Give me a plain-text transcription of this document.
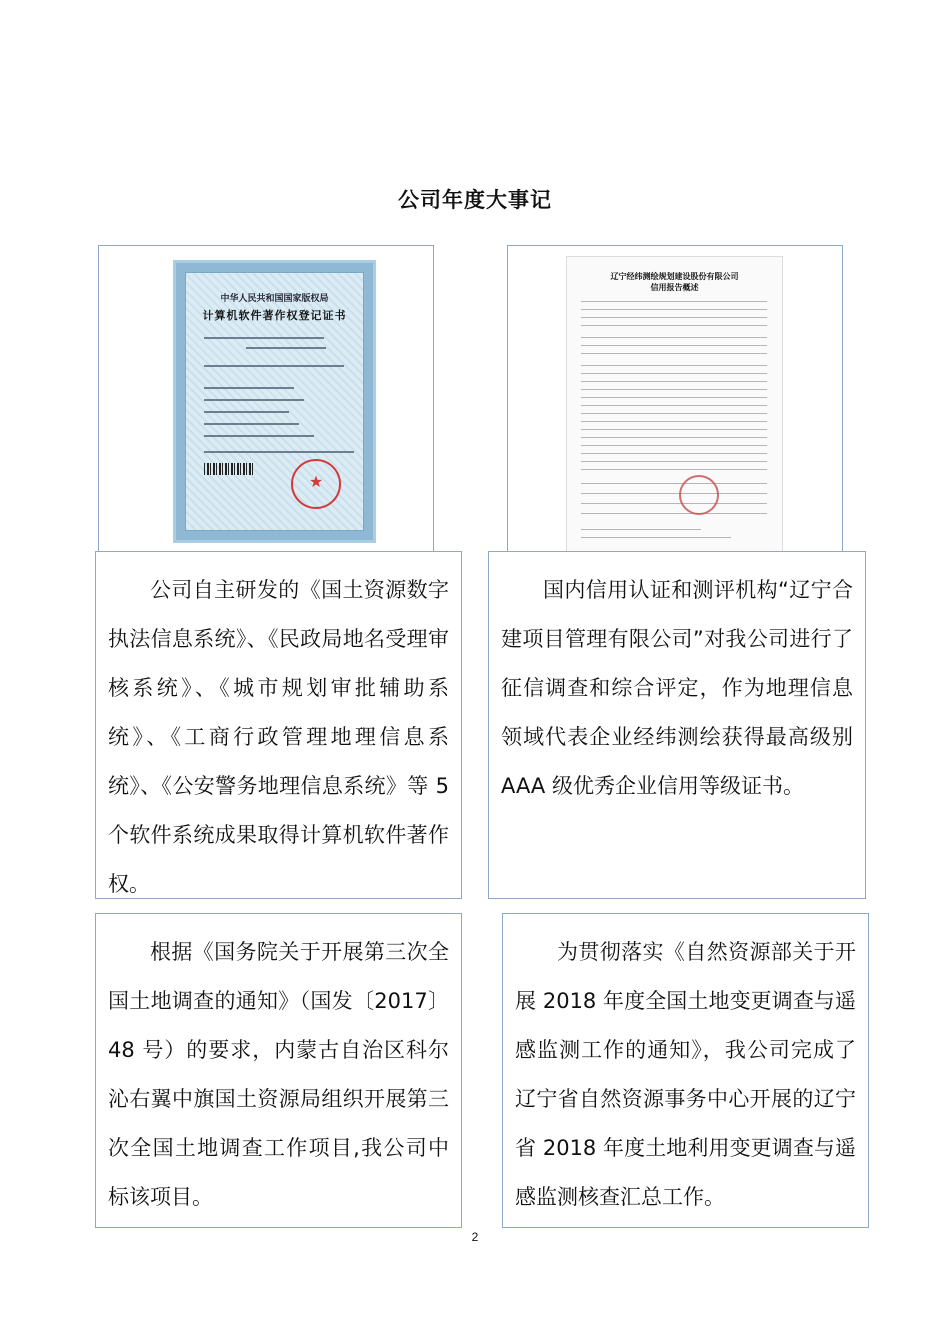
公司年度大事记
中华人民共和国国家版权局
计算机软件著作权登记证书
★
辽宁经纬测绘规划建设股份有限公司
信用报告概述
公司自主研发的《国土资源数字执法信息系统》、《民政局地名受理审核系统》、《城市规划审批辅助系统》、《工商行政管理地理信息系统》、《公安警务地理信息系统》等 5 个软件系统成果取得计算机软件著作权。
国内信用认证和测评机构“辽宁合建项目管理有限公司”对我公司进行了征信调查和综合评定，作为地理信息领域代表企业经纬测绘获得最高级别 AAA 级优秀企业信用等级证书。
根据《国务院关于开展第三次全国土地调查的通知》（国发〔2017〕48 号）的要求，内蒙古自治区科尔沁右翼中旗国土资源局组织开展第三次全国土地调查工作项目,我公司中标该项目。
为贯彻落实《自然资源部关于开展 2018 年度全国土地变更调查与遥感监测工作的通知》，我公司完成了辽宁省自然资源事务中心开展的辽宁省 2018 年度土地利用变更调查与遥感监测核查汇总工作。
2
